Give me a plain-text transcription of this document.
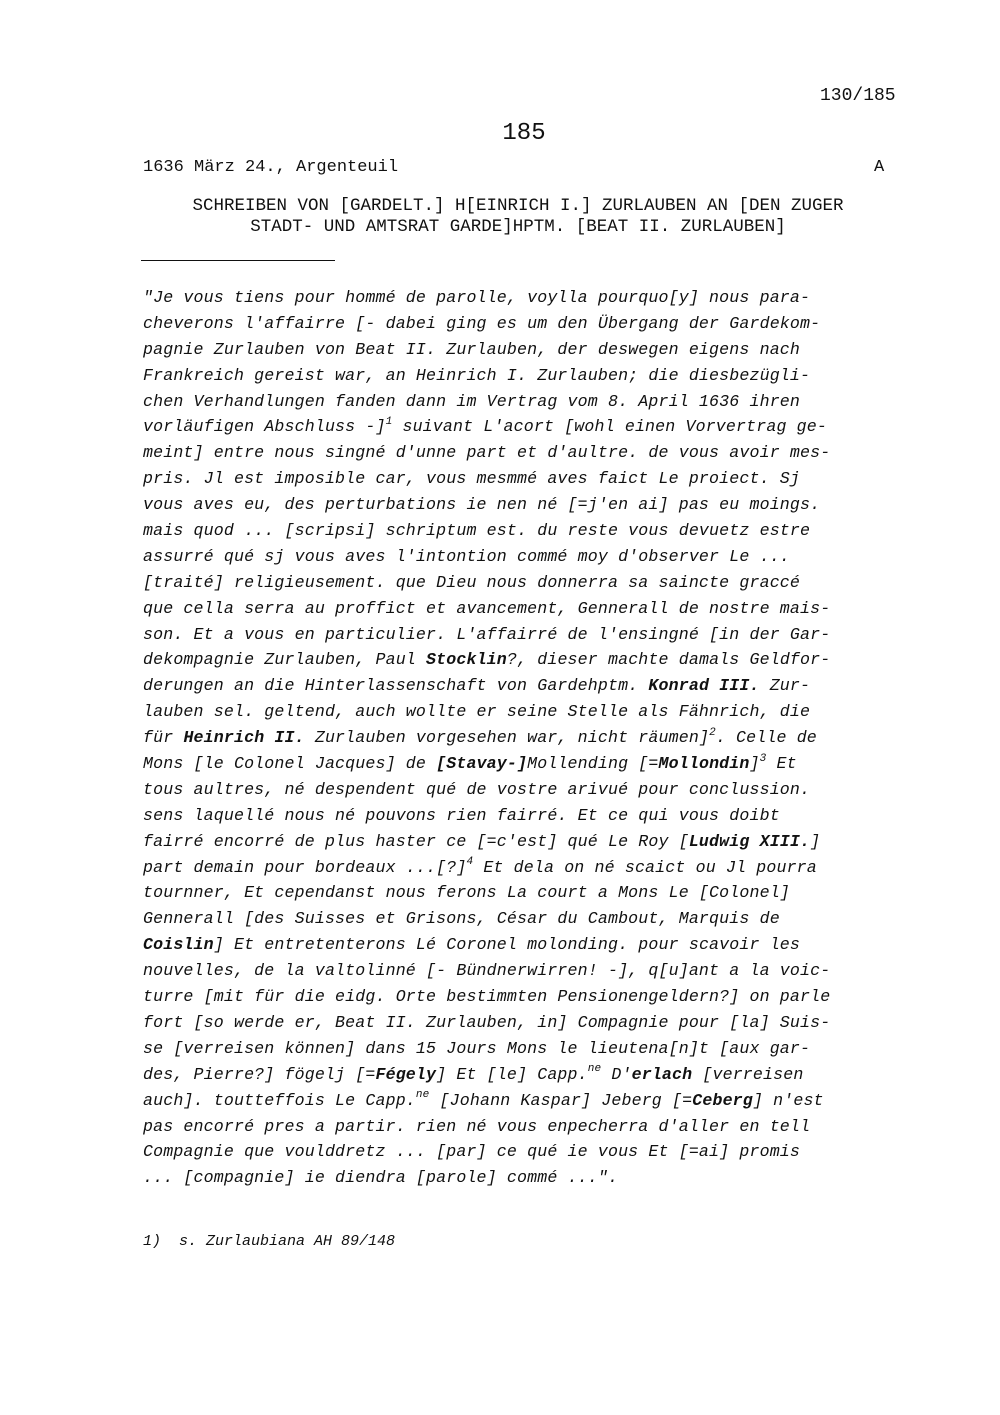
130/185
185
1636 März 24., Argenteuil	A
SCHREIBEN VON [GARDELT.] H[EINRICH I.] ZURLAUBEN AN [DEN ZUGER
STADT- UND AMTSRAT GARDE]HPTM. [BEAT II. ZURLAUBEN]
"Je vous tiens pour hommé de parolle, voylla pourquo[y] nous para-
cheverons l'affairre [- dabei ging es um den Übergang der Gardekom-
pagnie Zurlauben von Beat II. Zurlauben, der deswegen eigens nach
Frankreich gereist war, an Heinrich I. Zurlauben; die diesbezügli-
chen Verhandlungen fanden dann im Vertrag vom 8. April 1636 ihren
vorläufigen Abschluss -]$^1$ suivant L'acort [wohl einen Vorvertrag ge-
meint] entre nous singné d'unne part et d'aultre. de vous avoir mes-
pris. Jl est imposible car, vous mesmmé aves faict Le proiect. Sj
vous aves eu, des perturbations ie nen né [=j'en ai] pas eu moings.
mais quod ... [scripsi] schriptum est. du reste vous devuetz estre
assurré qué sj vous aves l'intontion commé moy d'observer Le ...
[traité] religieusement. que Dieu nous donnerra sa saincte graccé
que cella serra au proffict et avancement, Gennerall de nostre mais-
son. Et a vous en particulier. L'affairré de l'ensingné [in der Gar-
dekompagnie Zurlauben, Paul Stocklin?, dieser machte damals Geldfor-
derungen an die Hinterlassenschaft von Gardehptm. Konrad III. Zur-
lauben sel. geltend, auch wollte er seine Stelle als Fähnrich, die
für Heinrich II. Zurlauben vorgesehen war, nicht räumen]$^2$. Celle de
Mons [le Colonel Jacques] de [Stavay-]Mollending [=Mollondin]$^3$ Et
tous aultres, né despendent qué de vostre arivué pour conclussion.
sens laquellé nous né pouvons rien fairré. Et ce qui vous doibt
fairré encorré de plus haster ce [=c'est] qué Le Roy [Ludwig XIII.]
part demain pour bordeaux ...[?]$^4$ Et dela on né scaict ou Jl pourra
tournner, Et cependanst nous ferons La court a Mons Le [Colonel]
Gennerall [des Suisses et Grisons, César du Cambout, Marquis de
Coislin] Et entretenterons Lé Coronel molonding. pour scavoir les
nouvelles, de la valtolinné [- Bündnerwirren! -], q[u]ant a la voic-
turre [mit für die eidg. Orte bestimmten Pensionengeldern?] on parle
fort [so werde er, Beat II. Zurlauben, in] Compagnie pour [la] Suis-
se [verreisen können] dans 15 Jours Mons le lieutena[n]t [aux gar-
des, Pierre?] fögelj [=Fégely] Et [le] Capp.$^{ne}$ D'erlach [verreisen
auch]. toutteffois Le Capp.$^{ne}$ [Johann Kaspar] Jeberg [=Ceberg] n'est
pas encorré pres a partir. rien né vous enpecherra d'aller en tell
Compagnie que voulddretz ... [par] ce qué ie vous Et [=ai] promis
... [compagnie] ie diendra [parole] commé ...".
1)  s. Zurlaubiana AH 89/148
